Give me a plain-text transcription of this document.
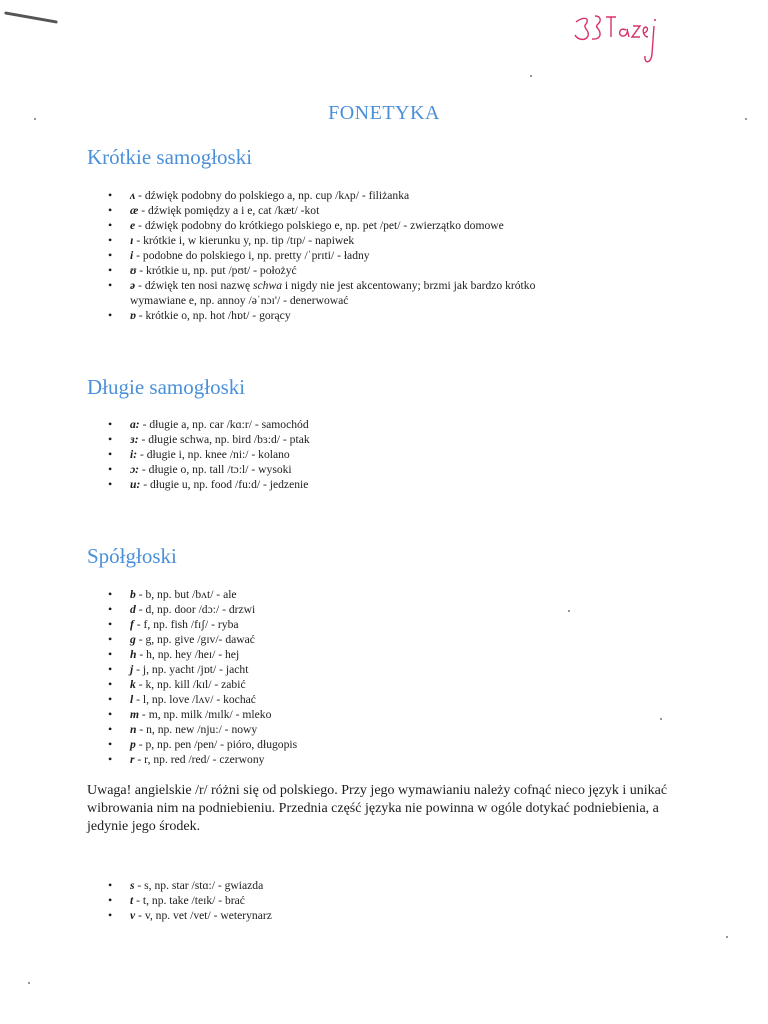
FONETYKA
Krótkie samogłoski
• ʌ - dźwięk podobny do polskiego a, np. cup /kʌp/ - filiżanka
• æ - dźwięk pomiędzy a i e, cat /kæt/ -kot
• e - dźwięk podobny do krótkiego polskiego e, np. pet /pet/ - zwierzątko domowe
• ɪ - krótkie i, w kierunku y, np. tip /tɪp/ - napiwek
• i - podobne do polskiego i, np. pretty /ˈprɪti/ - ładny
• ʊ - krótkie u, np. put /pʊt/ - położyć
• ə - dźwięk ten nosi nazwę schwa i nigdy nie jest akcentowany; brzmi jak bardzo krótko
wymawiane e, np. annoy /əˈnɔɪ'/ - denerwować
• ɒ - krótkie o, np. hot /hɒt/ - gorący
Długie samogłoski
• a: - długie a, np. car /kɑ:r/ - samochód
• ɜ: - długie schwa, np. bird /bɜ:d/ - ptak
• i: - długie i, np. knee /ni:/ - kolano
• ɔ: - długie o, np. tall /tɔ:l/ - wysoki
• u: - długie u, np. food /fu:d/ - jedzenie
Spółgłoski
• b - b, np. but /bʌt/ - ale
• d - d, np. door /dɔ:/ - drzwi
• f - f, np. fish /fɪʃ/ - ryba
• g - g, np. give /gɪv/- dawać
• h - h, np. hey /heɪ/ - hej
• j - j, np. yacht /jɒt/ - jacht
• k - k, np. kill /kɪl/ - zabić
• l - l, np. love /lʌv/ - kochać
• m - m, np. milk /mɪlk/ - mleko
• n - n, np. new /nju:/ - nowy
• p - p, np. pen /pen/ - pióro, długopis
• r - r, np. red /red/ - czerwony

Uwaga! angielskie /r/ różni się od polskiego. Przy jego wymawianiu należy cofnąć nieco język i unikać wibrowania nim na podniebieniu. Przednia część języka nie powinna w ogóle dotykać podniebienia, a jedynie jego środek.

• s - s, np. star /stɑ:/ - gwiazda
• t - t, np. take /teɪk/ - brać
• v - v, np. vet /vet/ - weterynarz
